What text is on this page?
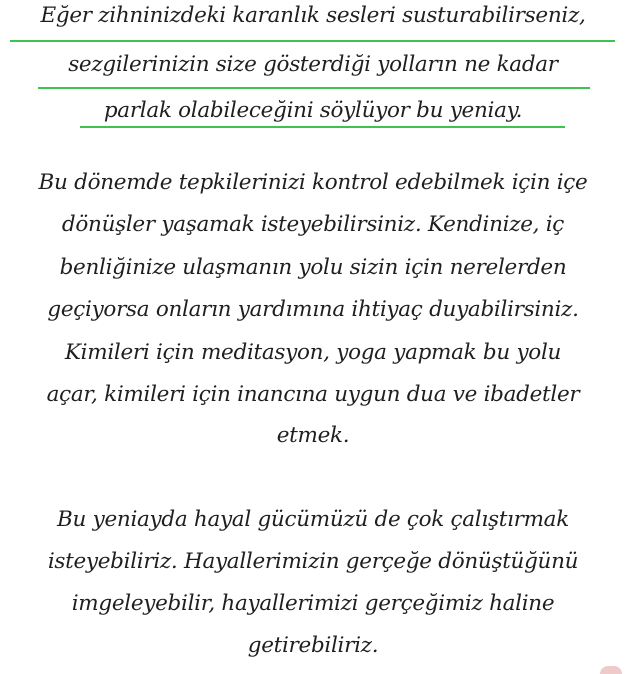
Eğer zihninizdeki karanlık sesleri susturabilirseniz,
sezgilerinizin size gösterdiği yolların ne kadar
parlak olabileceğini söylüyor bu yeniay.
Bu dönemde tepkilerinizi kontrol edebilmek için içe
dönüşler yaşamak isteyebilirsiniz. Kendinize, iç
benliğinize ulaşmanın yolu sizin için nerelerden
geçiyorsa onların yardımına ihtiyaç duyabilirsiniz.
Kimileri için meditasyon, yoga yapmak bu yolu
açar, kimileri için inancına uygun dua ve ibadetler
etmek.
Bu yeniayda hayal gücümüzü de çok çalıştırmak
isteyebiliriz. Hayallerimizin gerçeğe dönüştüğünü
imgeleyebilir, hayallerimizi gerçeğimiz haline
getirebiliriz.
